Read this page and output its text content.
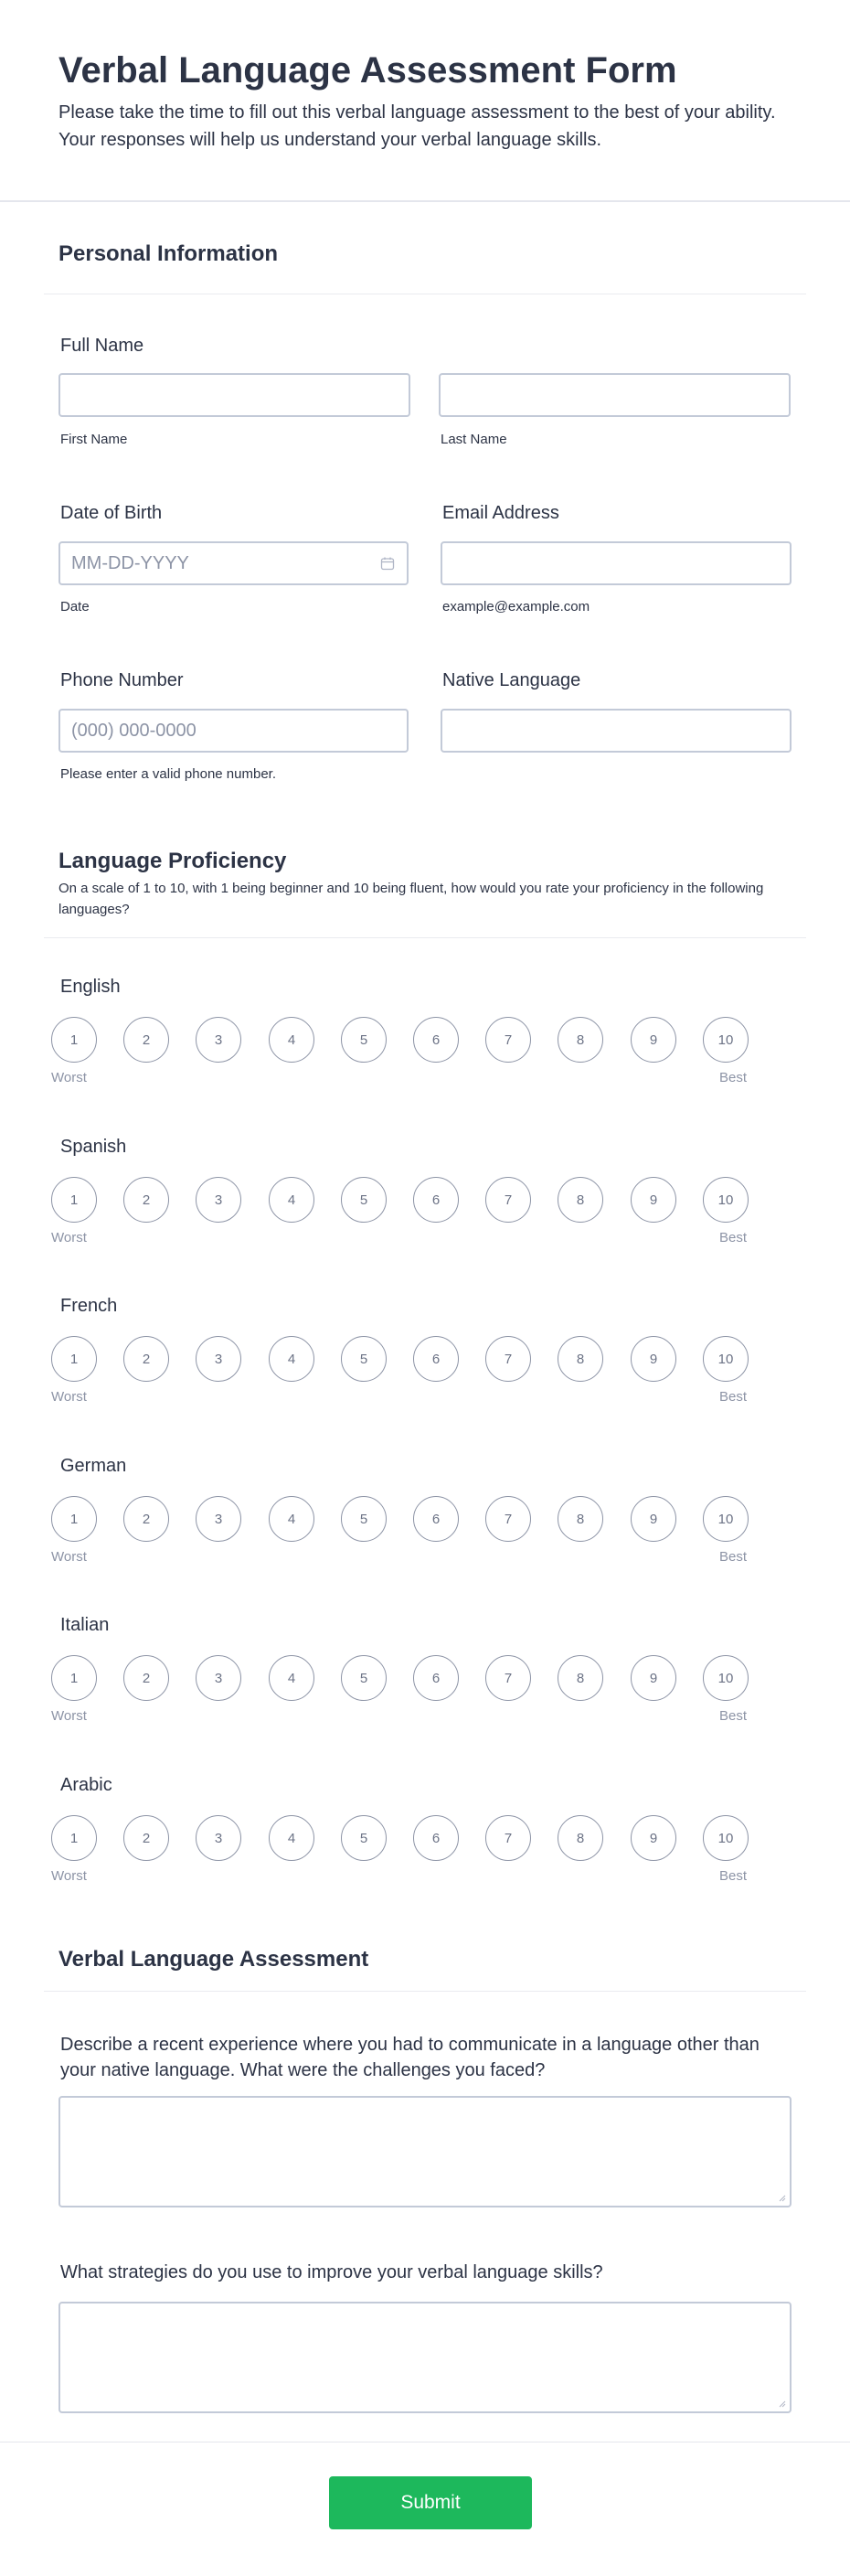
Verbal Language Assessment Form

Please take the time to fill out this verbal language assessment to the best of your ability. Your responses will help us understand your verbal language skills.

Personal Information
Full Name
First Name	Last Name
Date of Birth
MM-DD-YYYY
Date
Email Address
example@example.com
Phone Number
(000) 000-0000
Please enter a valid phone number.
Native Language
Language Proficiency
On a scale of 1 to 10, with 1 being beginner and 10 being fluent, how would you rate your proficiency in the following languages?
English
1	2	3	4	5	6	7	8	9	10
Worst	Best
Spanish
1	2	3	4	5	6	7	8	9	10
Worst	Best
French
1	2	3	4	5	6	7	8	9	10
Worst	Best
German
1	2	3	4	5	6	7	8	9	10
Worst	Best
Italian
1	2	3	4	5	6	7	8	9	10
Worst	Best
Arabic
1	2	3	4	5	6	7	8	9	10
Worst	Best
Verbal Language Assessment
Describe a recent experience where you had to communicate in a language other than your native language. What were the challenges you faced?
What strategies do you use to improve your verbal language skills?
Submit
